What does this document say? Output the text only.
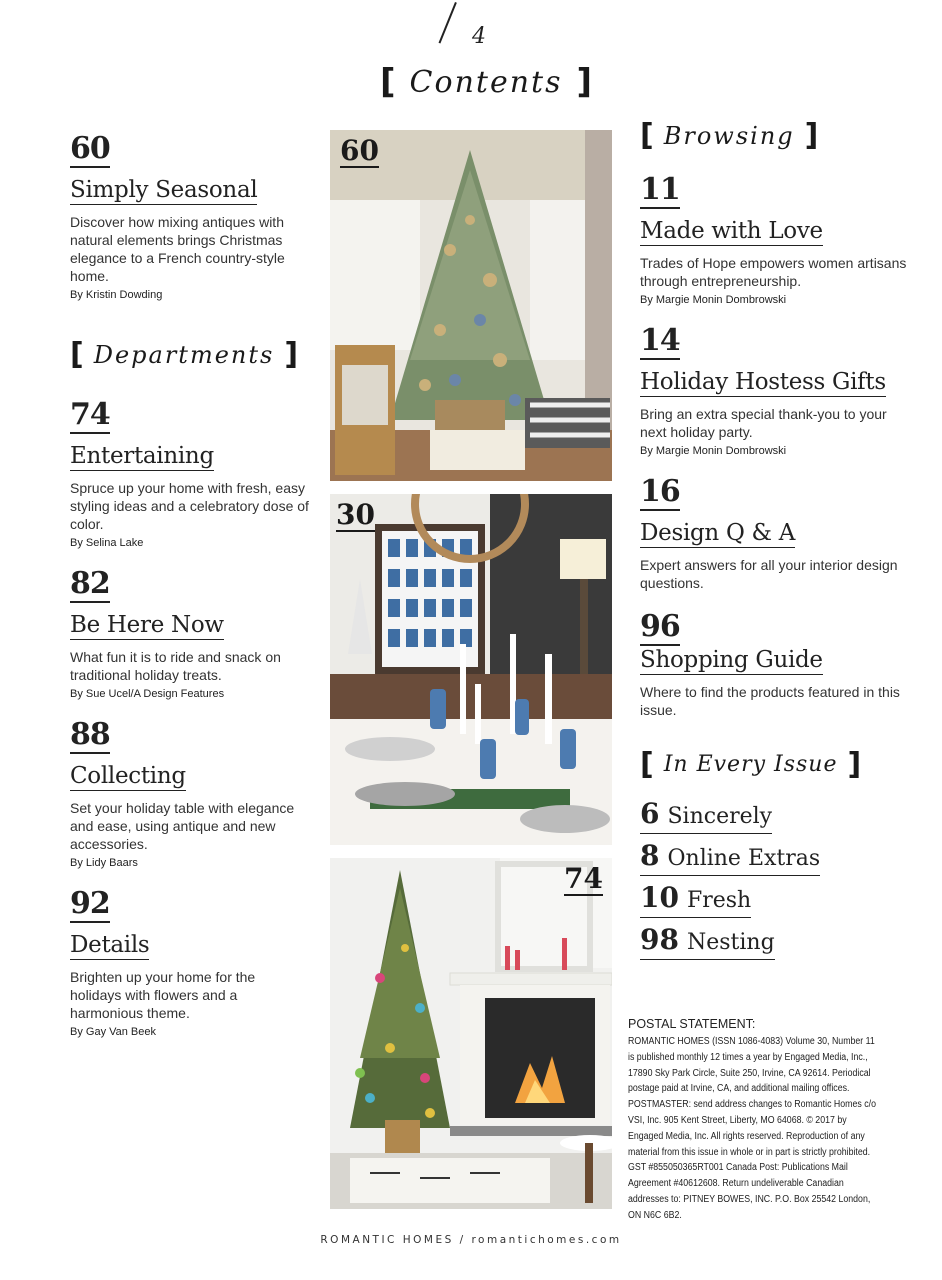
4
[ Contents ]
60
Simply Seasonal
Discover how mixing antiques with natural elements brings Christmas elegance to a French country-style home.
By Kristin Dowding
[ Departments ]
74
Entertaining
Spruce up your home with fresh, easy styling ideas and a celebratory dose of color.
By Selina Lake
82
Be Here Now
What fun it is to ride and snack on traditional holiday treats.
By Sue Ucel/A Design Features
88
Collecting
Set your holiday table with elegance and ease, using antique and new accessories.
By Lidy Baars
92
Details
Brighten up your home for the holidays with flowers and a harmonious theme.
By Gay Van Beek
60
30
74
[ Browsing ]
11
Made with Love
Trades of Hope empowers women artisans through entrepreneurship.
By Margie Monin Dombrowski
14
Holiday Hostess Gifts
Bring an extra special thank-you to your next holiday party.
By Margie Monin Dombrowski
16
Design Q & A
Expert answers for all your interior design questions.
96
Shopping Guide
Where to find the products featured in this issue.
[ In Every Issue ]
6 Sincerely
8 Online Extras
10 Fresh
98 Nesting
POSTAL STATEMENT:
ROMANTIC HOMES (ISSN 1086-4083) Volume 30, Number 11 is published monthly 12 times a year by Engaged Media, Inc., 17890 Sky Park Circle, Suite 250, Irvine, CA 92614. Periodical postage paid at Irvine, CA, and additional mailing offices. POSTMASTER: send address changes to Romantic Homes c/o VSI, Inc. 905 Kent Street, Liberty, MO 64068. © 2017 by Engaged Media, Inc. All rights reserved. Reproduction of any material from this issue in whole or in part is strictly prohibited. GST #855050365RT001 Canada Post: Publications Mail Agreement #40612608. Return undeliverable Canadian addresses to: PITNEY BOWES, INC. P.O. Box 25542 London, ON N6C 6B2.
ROMANTIC HOMES / romantichomes.com
